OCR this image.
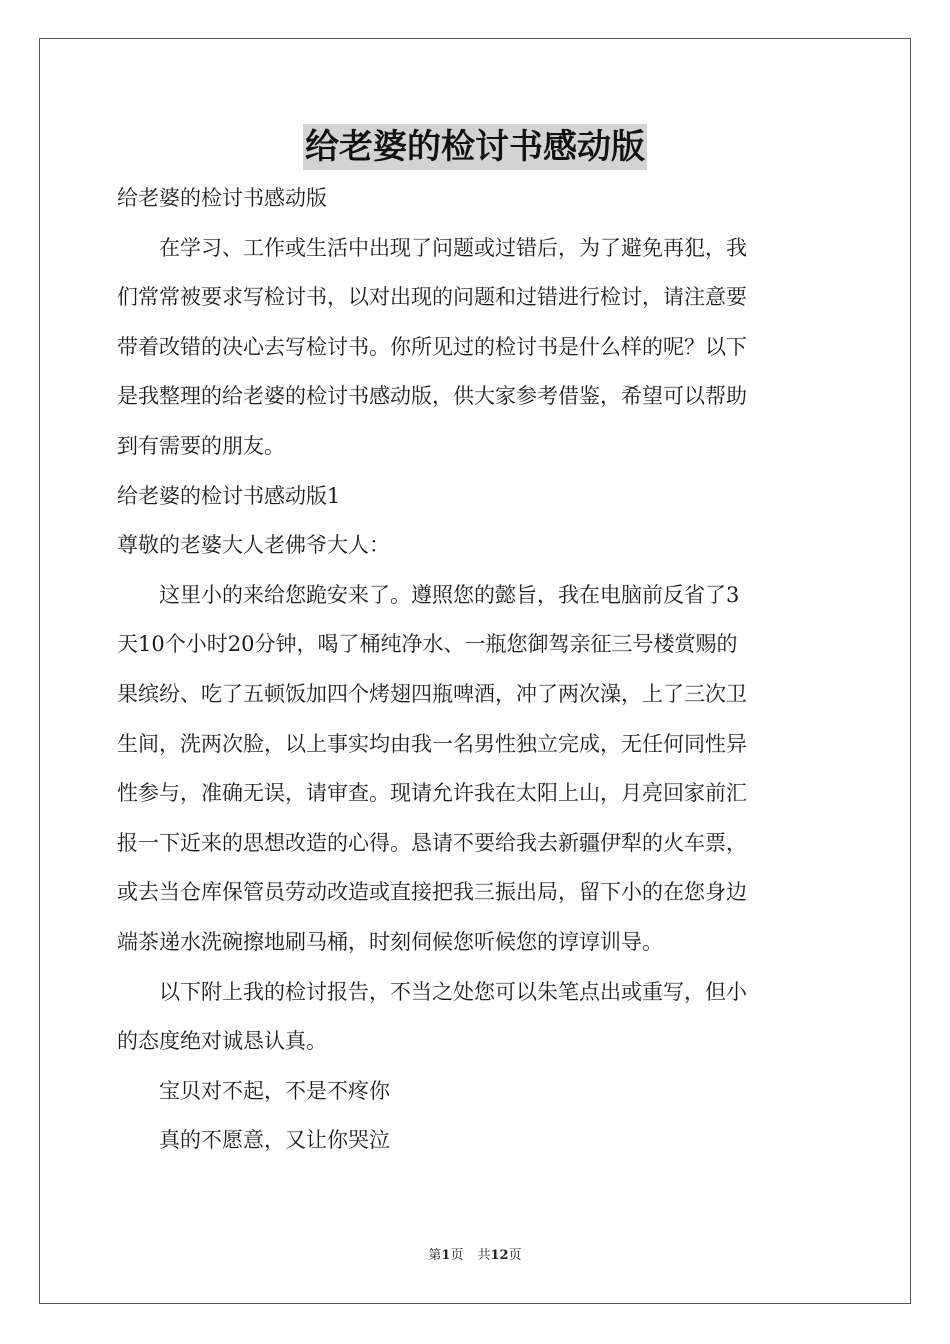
给老婆的检讨书感动版
给老婆的检讨书感动版
在学习、工作或生活中出现了问题或过错后，为了避免再犯，我
们常常被要求写检讨书，以对出现的问题和过错进行检讨，请注意要
带着改错的决心去写检讨书。你所见过的检讨书是什么样的呢？以下
是我整理的给老婆的检讨书感动版，供大家参考借鉴，希望可以帮助
到有需要的朋友。
给老婆的检讨书感动版1
尊敬的老婆大人老佛爷大人：
这里小的来给您跪安来了。遵照您的懿旨，我在电脑前反省了3
天10个小时20分钟，喝了桶纯净水、一瓶您御驾亲征三号楼赏赐的
果缤纷、吃了五顿饭加四个烤翅四瓶啤酒，冲了两次澡，上了三次卫
生间，洗两次脸，以上事实均由我一名男性独立完成，无任何同性异
性参与，准确无误，请审查。现请允许我在太阳上山，月亮回家前汇
报一下近来的思想改造的心得。恳请不要给我去新疆伊犁的火车票，
或去当仓库保管员劳动改造或直接把我三振出局，留下小的在您身边
端茶递水洗碗擦地刷马桶，时刻伺候您听候您的谆谆训导。
以下附上我的检讨报告，不当之处您可以朱笔点出或重写，但小
的态度绝对诚恳认真。
宝贝对不起，不是不疼你
真的不愿意，又让你哭泣
第1页 共12页
